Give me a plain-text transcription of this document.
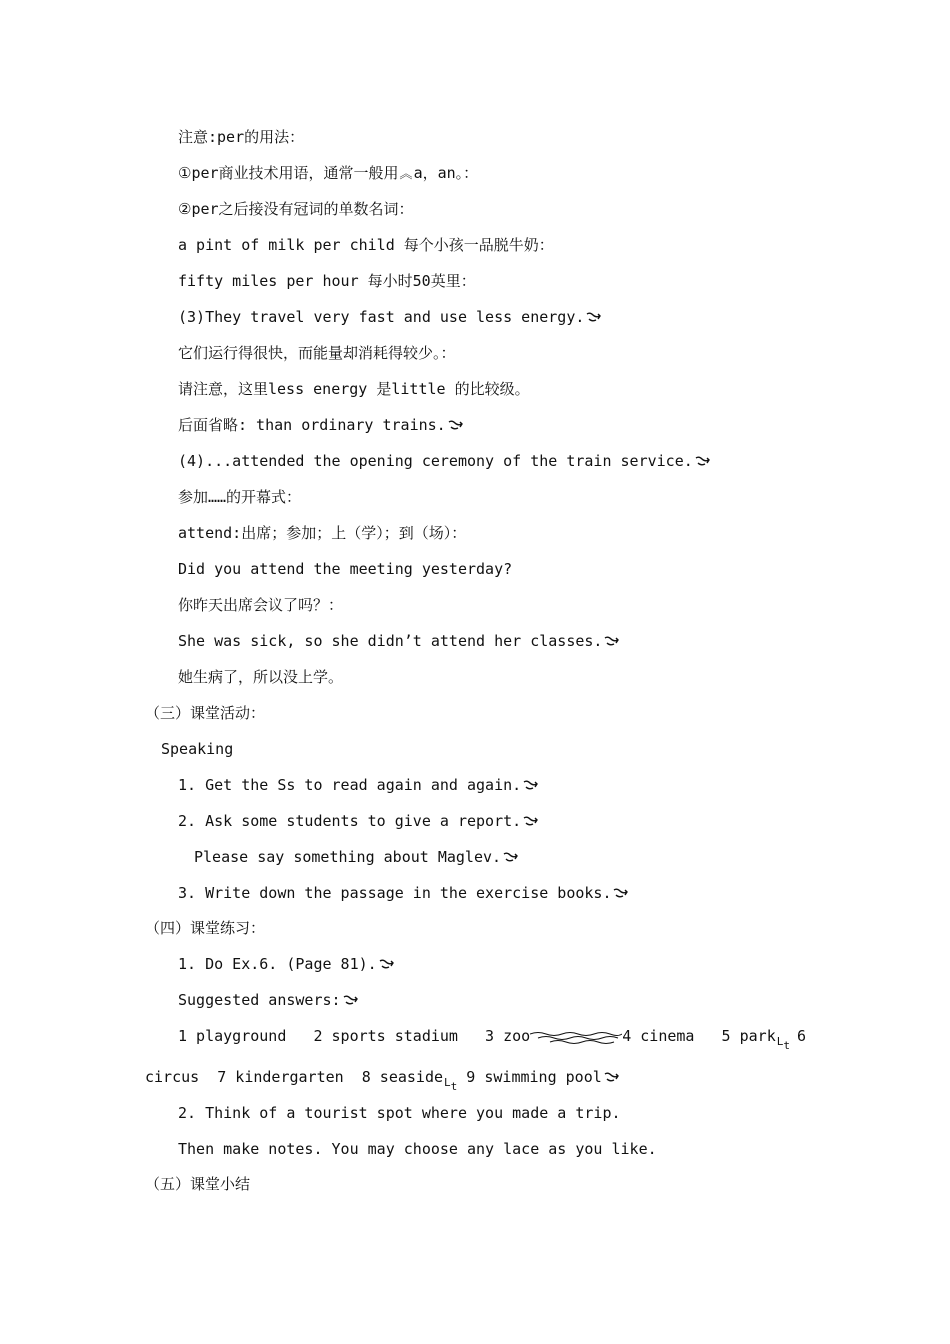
注意:per的用法：
①per商业技术用语，通常一般用︽a，an。：
②per之后接没有冠词的单数名词：
a pint of milk per child 每个小孩一品脱牛奶：
fifty miles per hour 每小时50英里：
(3)They travel very fast and use less energy.
它们运行得很快，而能量却消耗得较少。：
请注意，这里less energy 是little 的比较级。
后面省略: than ordinary trains.
(4)...attended the opening ceremony of the train service.
参加……的开幕式：
attend:出席；参加；上（学）；到（场）：
Did you attend the meeting yesterday?
你昨天出席会议了吗？：
She was sick, so she didn’t attend her classes.
她生病了，所以没上学。
（三）课堂活动：
Speaking
1. Get the Ss to read again and again.
2. Ask some students to give a report.
Please say something about Maglev.
3. Write down the passage in the exercise books.
（四）课堂练习：
1. Do Ex.6. (Page 81).
Suggested answers:
1 playground   2 sports stadium   3 zoo	4 cinema   5 parkLt
6
circus  7 kindergarten  8 seasideLt 9 swimming pool
2. Think of a tourist spot where you made a trip.
Then make notes. You may choose any lace as you like.
（五）课堂小结
